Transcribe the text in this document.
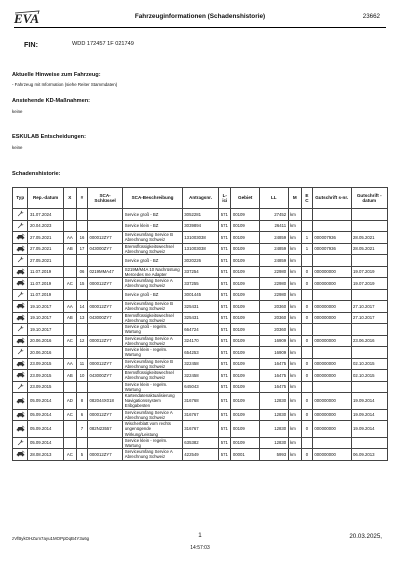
EVA	Fahrzeuginformationen (Schadenshistorie)	23662
FIN:	WDD 172457 1F 021749
Aktuelle Hinweise zum Fahrzeug:
- Fahrzeug mit Information (siehe Reiter Stammdaten)
Anstehende KD-Maßnahmen:
keine
ESKULAB Entscheidungen:
keine
Schadenshistorie:
Typ	Rep.-datum	X	#	SCA-Schlüssel	SCA-Beschreibung	Antragsnr.	L-ici	Gebiet	LL	M	E C	Gutschrift s-nr.	Gutschrift -datum
	31.07.2024				Service groß - BZ	3052281	571	00109	27452	km			
	20.04.2023				Service klein - BZ	3039894	571	00109	26411	km			
	27.05.2021	AA	16	000012ZY7	Serviceumfang Service B Abrechnung Schweiz	131003038	571	00109	24859	km	1	000007936	28.05.2021
	27.05.2021	AB	17	043000ZY7	Bremsflüssigkeitswechsel Abrechnung Schweiz	131003038	571	00109	24859	km	1	000007936	28.05.2021
	27.05.2021				Service groß - BZ	3020226	571	00109	24859	km			
	11.07.2019		06	0219MMA47	S219M/M4A 10 Nachrüstung Mercedes me Adapter	337254	571	00109	22980	km	0	000000000	19.07.2019
	11.07.2019	AC	15	000012ZY7	Serviceumfang Service A Abrechnung Schweiz	337255	571	00109	22980	km	0	000000000	19.07.2019
	11.07.2019				Service groß - BZ	3001445	571	00109	22980	km			
	19.10.2017	AA	14	000012ZY7	Serviceumfang Service B Abrechnung Schweiz	325431	571	00109	20360	km	0	000000000	27.10.2017
	19.10.2017	AB	13	043000ZY7	Bremsflüssigkeitswechsel Abrechnung Schweiz	325431	571	00109	20360	km	0	000000000	27.10.2017
	19.10.2017				Service groß - regelm. Wartung	664724	571	00109	20360	km			
	20.06.2016	AC	12	000012ZY7	Serviceumfang Service A Abrechnung Schweiz	324170	571	00109	16909	km	0	000000000	23.06.2016
	20.06.2016				Service klein - regelm. Wartung	654253	571	00109	16909	km			
	23.09.2015	AA	11	000012ZY7	Serviceumfang Service B Abrechnung Schweiz	322458	571	00109	16475	km	0	000000000	02.10.2015
	23.09.2015	AB	10	043000ZY7	Bremsflüssigkeitswechsel Abrechnung Schweiz	322458	571	00109	16475	km	0	000000000	02.10.2015
	23.09.2015				Service klein - regelm. Wartung	645043	571	00109	16475	km			
	05.09.2014	AD	8	082044X018	Kartendatenaktualisierung Navigationssystem Eribgabesten	316768	571	00109	12830	km	0	000000000	19.09.2014
	05.09.2014	AC	6	000012ZY7	Serviceumfang Service A Abrechnung Schweiz	316767	571	00109	12830	km	0	000000000	19.09.2014
	05.09.2014		7	082N23557	Wischerblatt vorn rechts ungenügende Wirkung/Leistung	316767	571	00109	12830	km	0	000000000	19.09.2014
	05.09.2014				Service klein - regelm. Wartung	635382	571	00109	12830	km			
	28.08.2013	AC	5	000012ZY7	Serviceumfang Service A Abrechnung Schweiz	422549	571	00001	5993	km	0	000000000	06.09.2013
zVfBykOHZum7ayu1MOPpDqB4Y3u6g	1	20.03.2025,
14:57:03
